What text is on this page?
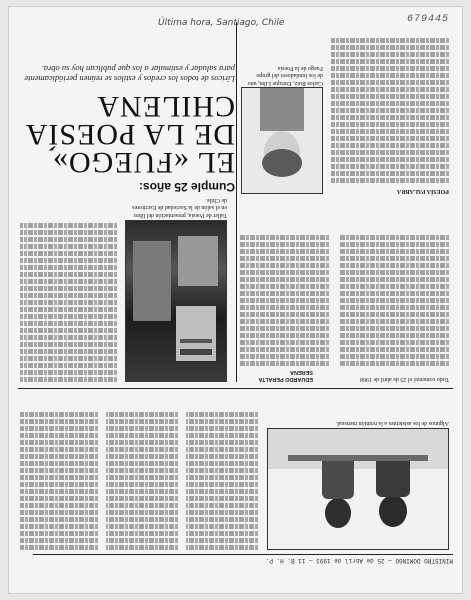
MINISTRO DOMINGO — 25 de Abril de 1993 — 11 B. H. P.
Algunos de los asistentes a la reunión mensual.
EDUARDO PERALTA
SERENA
Todo comenzó el 25 de abril de 1968
Taller de Poesía, presentación del libro en el salón de la Sociedad de Escritores de Chile.
Cumple 25 años:
EL «FUEGO»
DE LA POESÍA
CHILENA
Líricos de todos los credos y estilos se reúnen periódicamente para saludar y estimular a los que publican hoy su obra.
Carlos Ruiz, Enrique Lihn, uno de los fundadores del grupo Fuego de la Poesía
POESÍA PALABRA
679445
Última hora, Santiago, Chile
